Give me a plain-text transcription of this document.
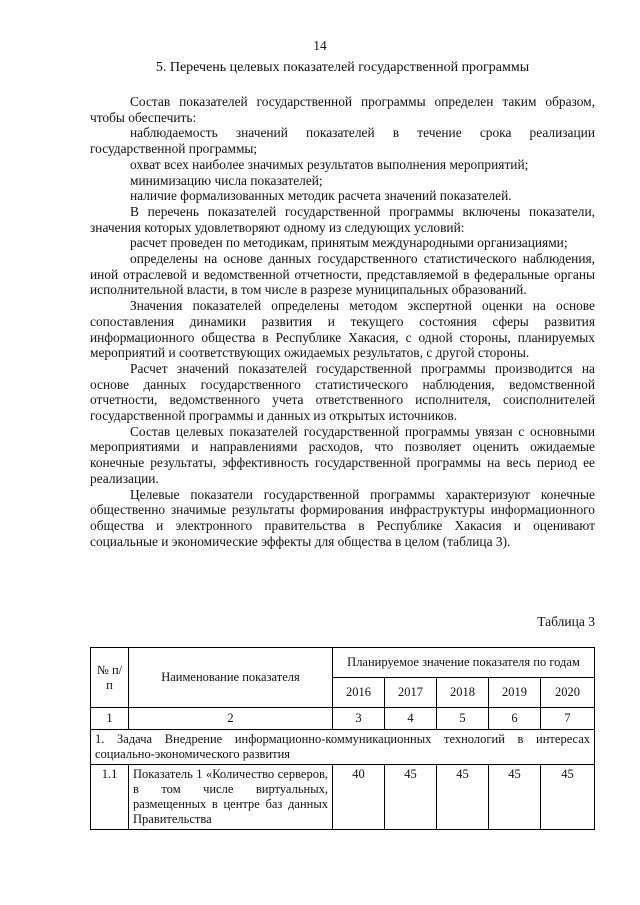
14
5. Перечень целевых показателей государственной программы

Состав показателей государственной программы определен таким образом, чтобы обеспечить:

наблюдаемость значений показателей в течение срока реализации государственной программы;

охват всех наиболее значимых результатов выполнения мероприятий;

минимизацию числа показателей;

наличие формализованных методик расчета значений показателей.

В перечень показателей государственной программы включены показатели, значения которых удовлетворяют одному из следующих условий:

расчет проведен по методикам, принятым международными организациями;

определены на основе данных государственного статистического наблюдения, иной отраслевой и ведомственной отчетности, представляемой в федеральные органы исполнительной власти, в том числе в разрезе муниципальных образований.

Значения показателей определены методом экспертной оценки на основе сопоставления динамики развития и текущего состояния сферы развития информационного общества в Республике Хакасия, с одной стороны, планируемых мероприятий и соответствующих ожидаемых результатов, с другой стороны.

Расчет значений показателей государственной программы производится на основе данных государственного статистического наблюдения, ведомственной отчетности, ведомственного учета ответственного исполнителя, соисполнителей государственной программы и данных из открытых источников.

Состав целевых показателей государственной программы увязан с основными мероприятиями и направлениями расходов, что позволяет оценить ожидаемые конечные результаты, эффективность государственной программы на весь период ее реализации.

Целевые показатели государственной программы характеризуют конечные общественно значимые результаты формирования инфраструктуры информационного общества и электронного правительства в Республике Хакасия и оценивают социальные и экономические эффекты для общества в целом (таблица 3).

Таблица 3
№ п/п	Наименование показателя	Планируемое значение показателя по годам				
		2016	2017	2018	2019	2020
1	2	3	4	5	6	7
1. Задача Внедрение информационно-коммуникационных технологий в интересах социально-экономического развития						
1.1	Показатель 1 «Количество серверов, в том числе виртуальных, размещенных в центре баз данных Правительства	40	45	45	45	45
